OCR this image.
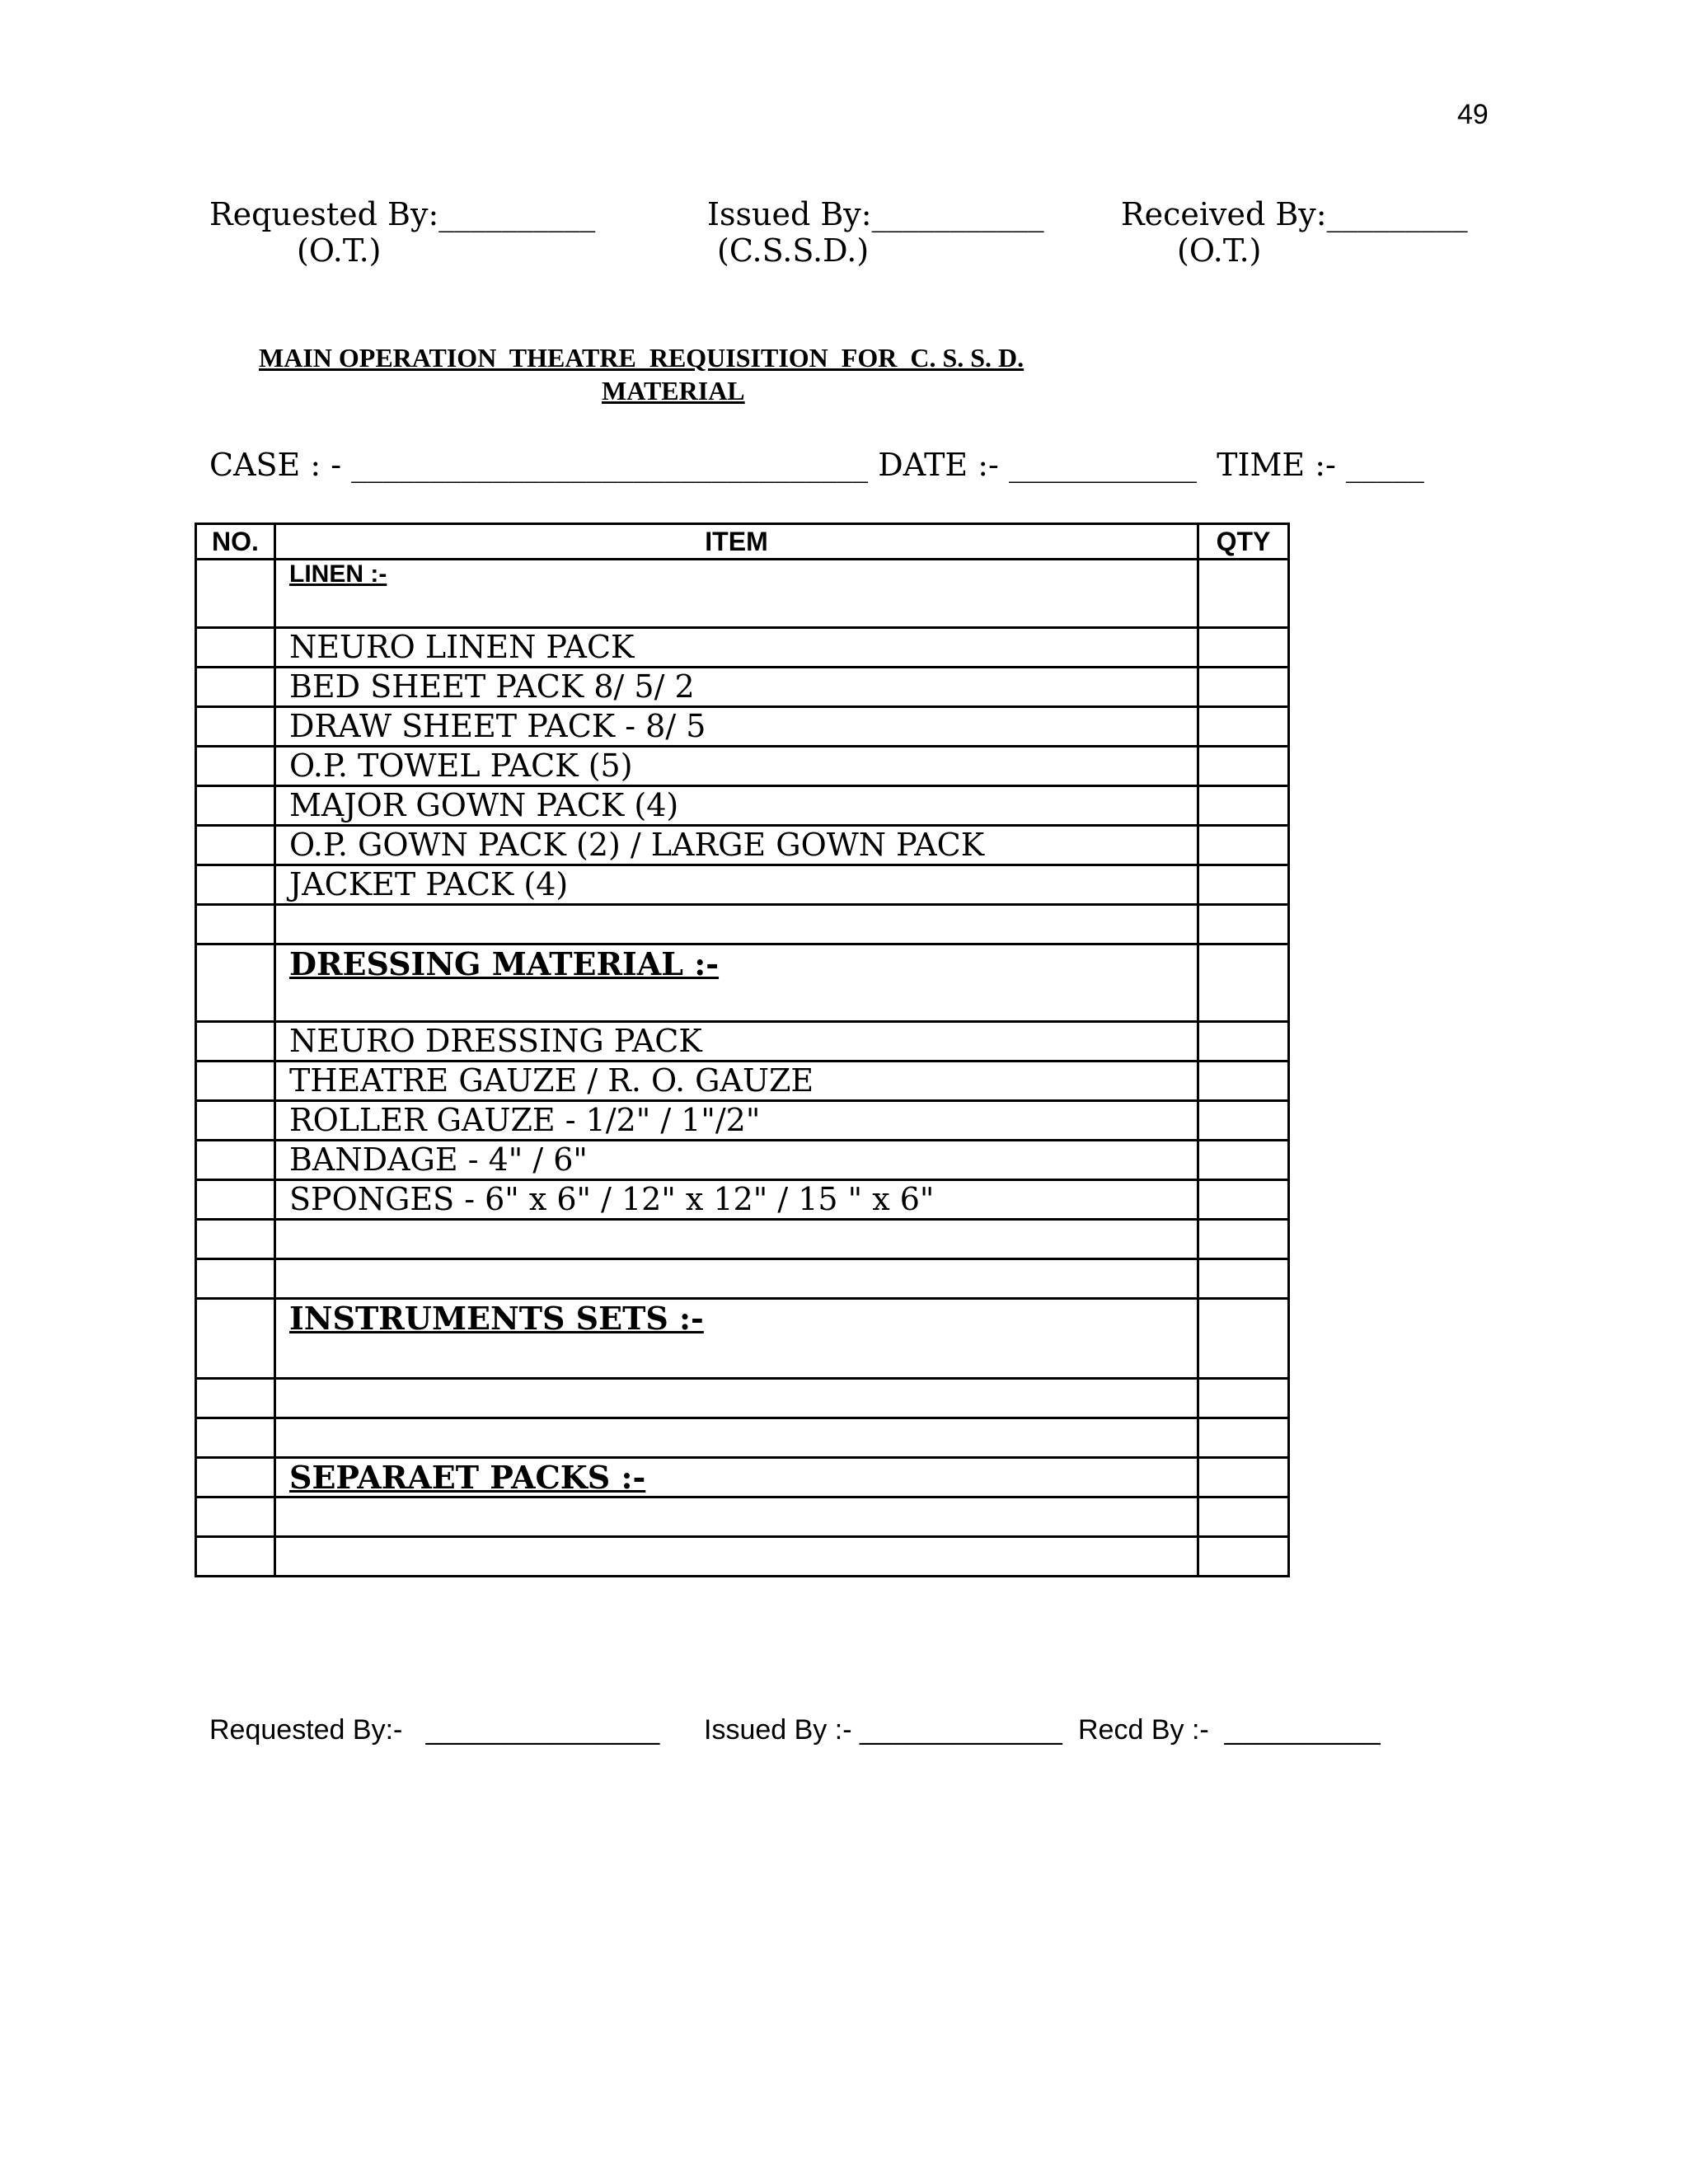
49
Requested By:__________
(O.T.)
Issued By:___________
(C.S.S.D.)
Received By:_________
(O.T.)
MAIN OPERATION  THEATRE  REQUISITION  FOR  C. S. S. D.
MATERIAL
CASE : - _________________________________ DATE :- ____________  TIME :- _____
NO.	ITEM	QTY
	LINEN :-	
	NEURO LINEN PACK	
	BED SHEET PACK 8/ 5/ 2	
	DRAW SHEET PACK - 8/ 5	
	O.P. TOWEL PACK (5)	
	MAJOR GOWN PACK (4)	
	O.P. GOWN PACK (2) / LARGE GOWN PACK	
	JACKET PACK (4)	

	DRESSING MATERIAL :-	
	NEURO DRESSING PACK	
	THEATRE GAUZE / R. O. GAUZE	
	ROLLER GAUZE - 1/2" / 1"/2"	
	BANDAGE - 4" / 6"	
	SPONGES - 6" x 6" / 12" x 12" / 15 " x 6"	

	INSTRUMENTS SETS :-	

	SEPARAET PACKS :-	

Requested By:-   _______________ Issued By :- _____________ Recd By :-  __________
